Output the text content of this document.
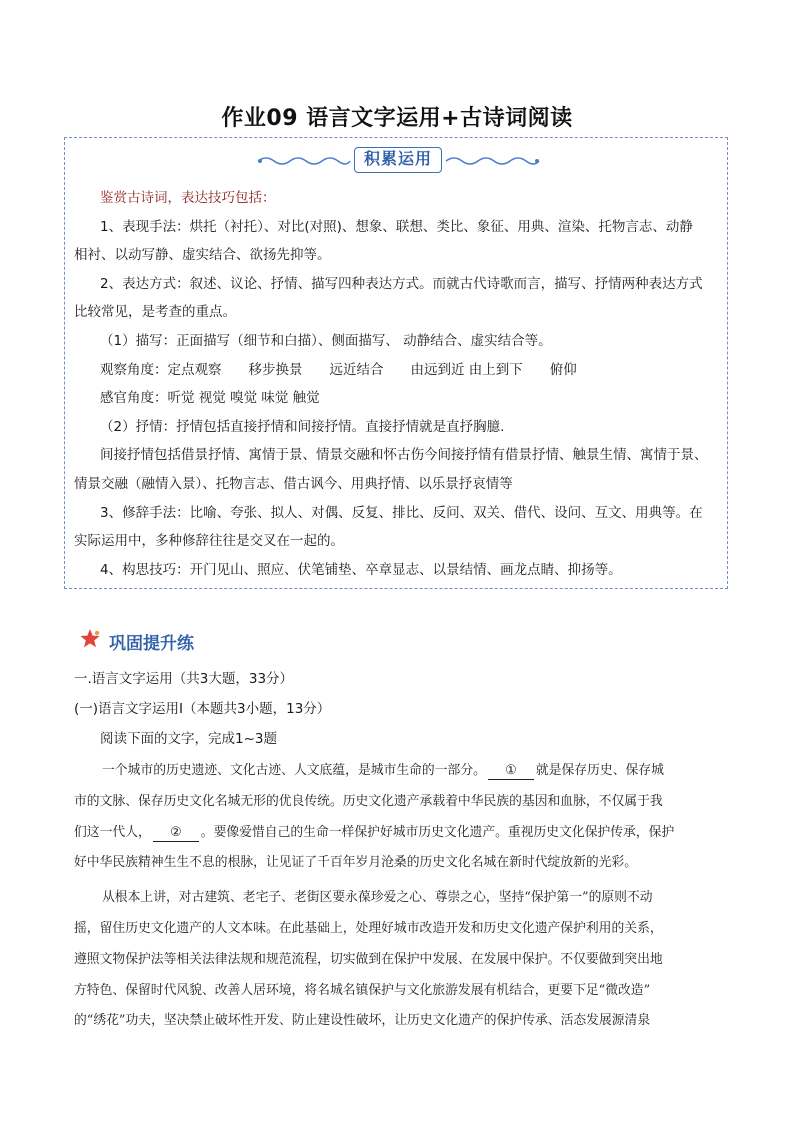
作业09 语言文字运用+古诗词阅读
积累运用

鉴赏古诗词，表达技巧包括：

1、表现手法：烘托（衬托）、对比(对照)、想象、联想、类比、象征、用典、渲染、托物言志、动静

相衬、以动写静、虚实结合、欲扬先抑等。

2、表达方式：叙述、议论、抒情、描写四种表达方式。而就古代诗歌而言，描写、抒情两种表达方式

比较常见，是考查的重点。

（1）描写：正面描写（细节和白描）、侧面描写、 动静结合、虚实结合等。

观察角度：定点观察　　移步换景　　远近结合　　由远到近 由上到下　　俯仰

感官角度：听觉 视觉 嗅觉 味觉 触觉

（2）抒情：抒情包括直接抒情和间接抒情。直接抒情就是直抒胸臆.

间接抒情包括借景抒情、寓情于景、情景交融和怀古伤今间接抒情有借景抒情、触景生情、寓情于景、

情景交融（融情入景）、托物言志、借古讽今、用典抒情、以乐景抒哀情等

3、修辞手法：比喻、夸张、拟人、对偶、反复、排比、反问、双关、借代、设问、互文、用典等。在

实际运用中，多种修辞往往是交叉在一起的。

4、构思技巧：开门见山、照应、伏笔铺垫、卒章显志、以景结情、画龙点睛、抑扬等。

巩固提升练
一.语言文字运用（共3大题，33分）
(一)语言文字运用Ⅰ（本题共3小题，13分）
阅读下面的文字，完成1~3题

一个城市的历史遗迹、文化古迹、人文底蕴，是城市生命的一部分。 ① 就是保存历史、保存城

市的文脉、保存历史文化名城无形的优良传统。历史文化遗产承载着中华民族的基因和血脉，不仅属于我

们这一代人， ② 。要像爱惜自己的生命一样保护好城市历史文化遗产。重视历史文化保护传承，保护

好中华民族精神生生不息的根脉，让见证了千百年岁月沧桑的历史文化名城在新时代绽放新的光彩。

从根本上讲，对古建筑、老宅子、老街区要永葆珍爱之心、尊崇之心，坚持“保护第一”的原则不动

摇，留住历史文化遗产的人文本味。在此基础上，处理好城市改造开发和历史文化遗产保护利用的关系，

遵照文物保护法等相关法律法规和规范流程，切实做到在保护中发展、在发展中保护。不仅要做到突出地

方特色、保留时代风貌、改善人居环境，将名城名镇保护与文化旅游发展有机结合，更要下足“微改造”

的“绣花”功夫，坚决禁止破坏性开发、防止建设性破坏，让历史文化遗产的保护传承、活态发展源清泉
